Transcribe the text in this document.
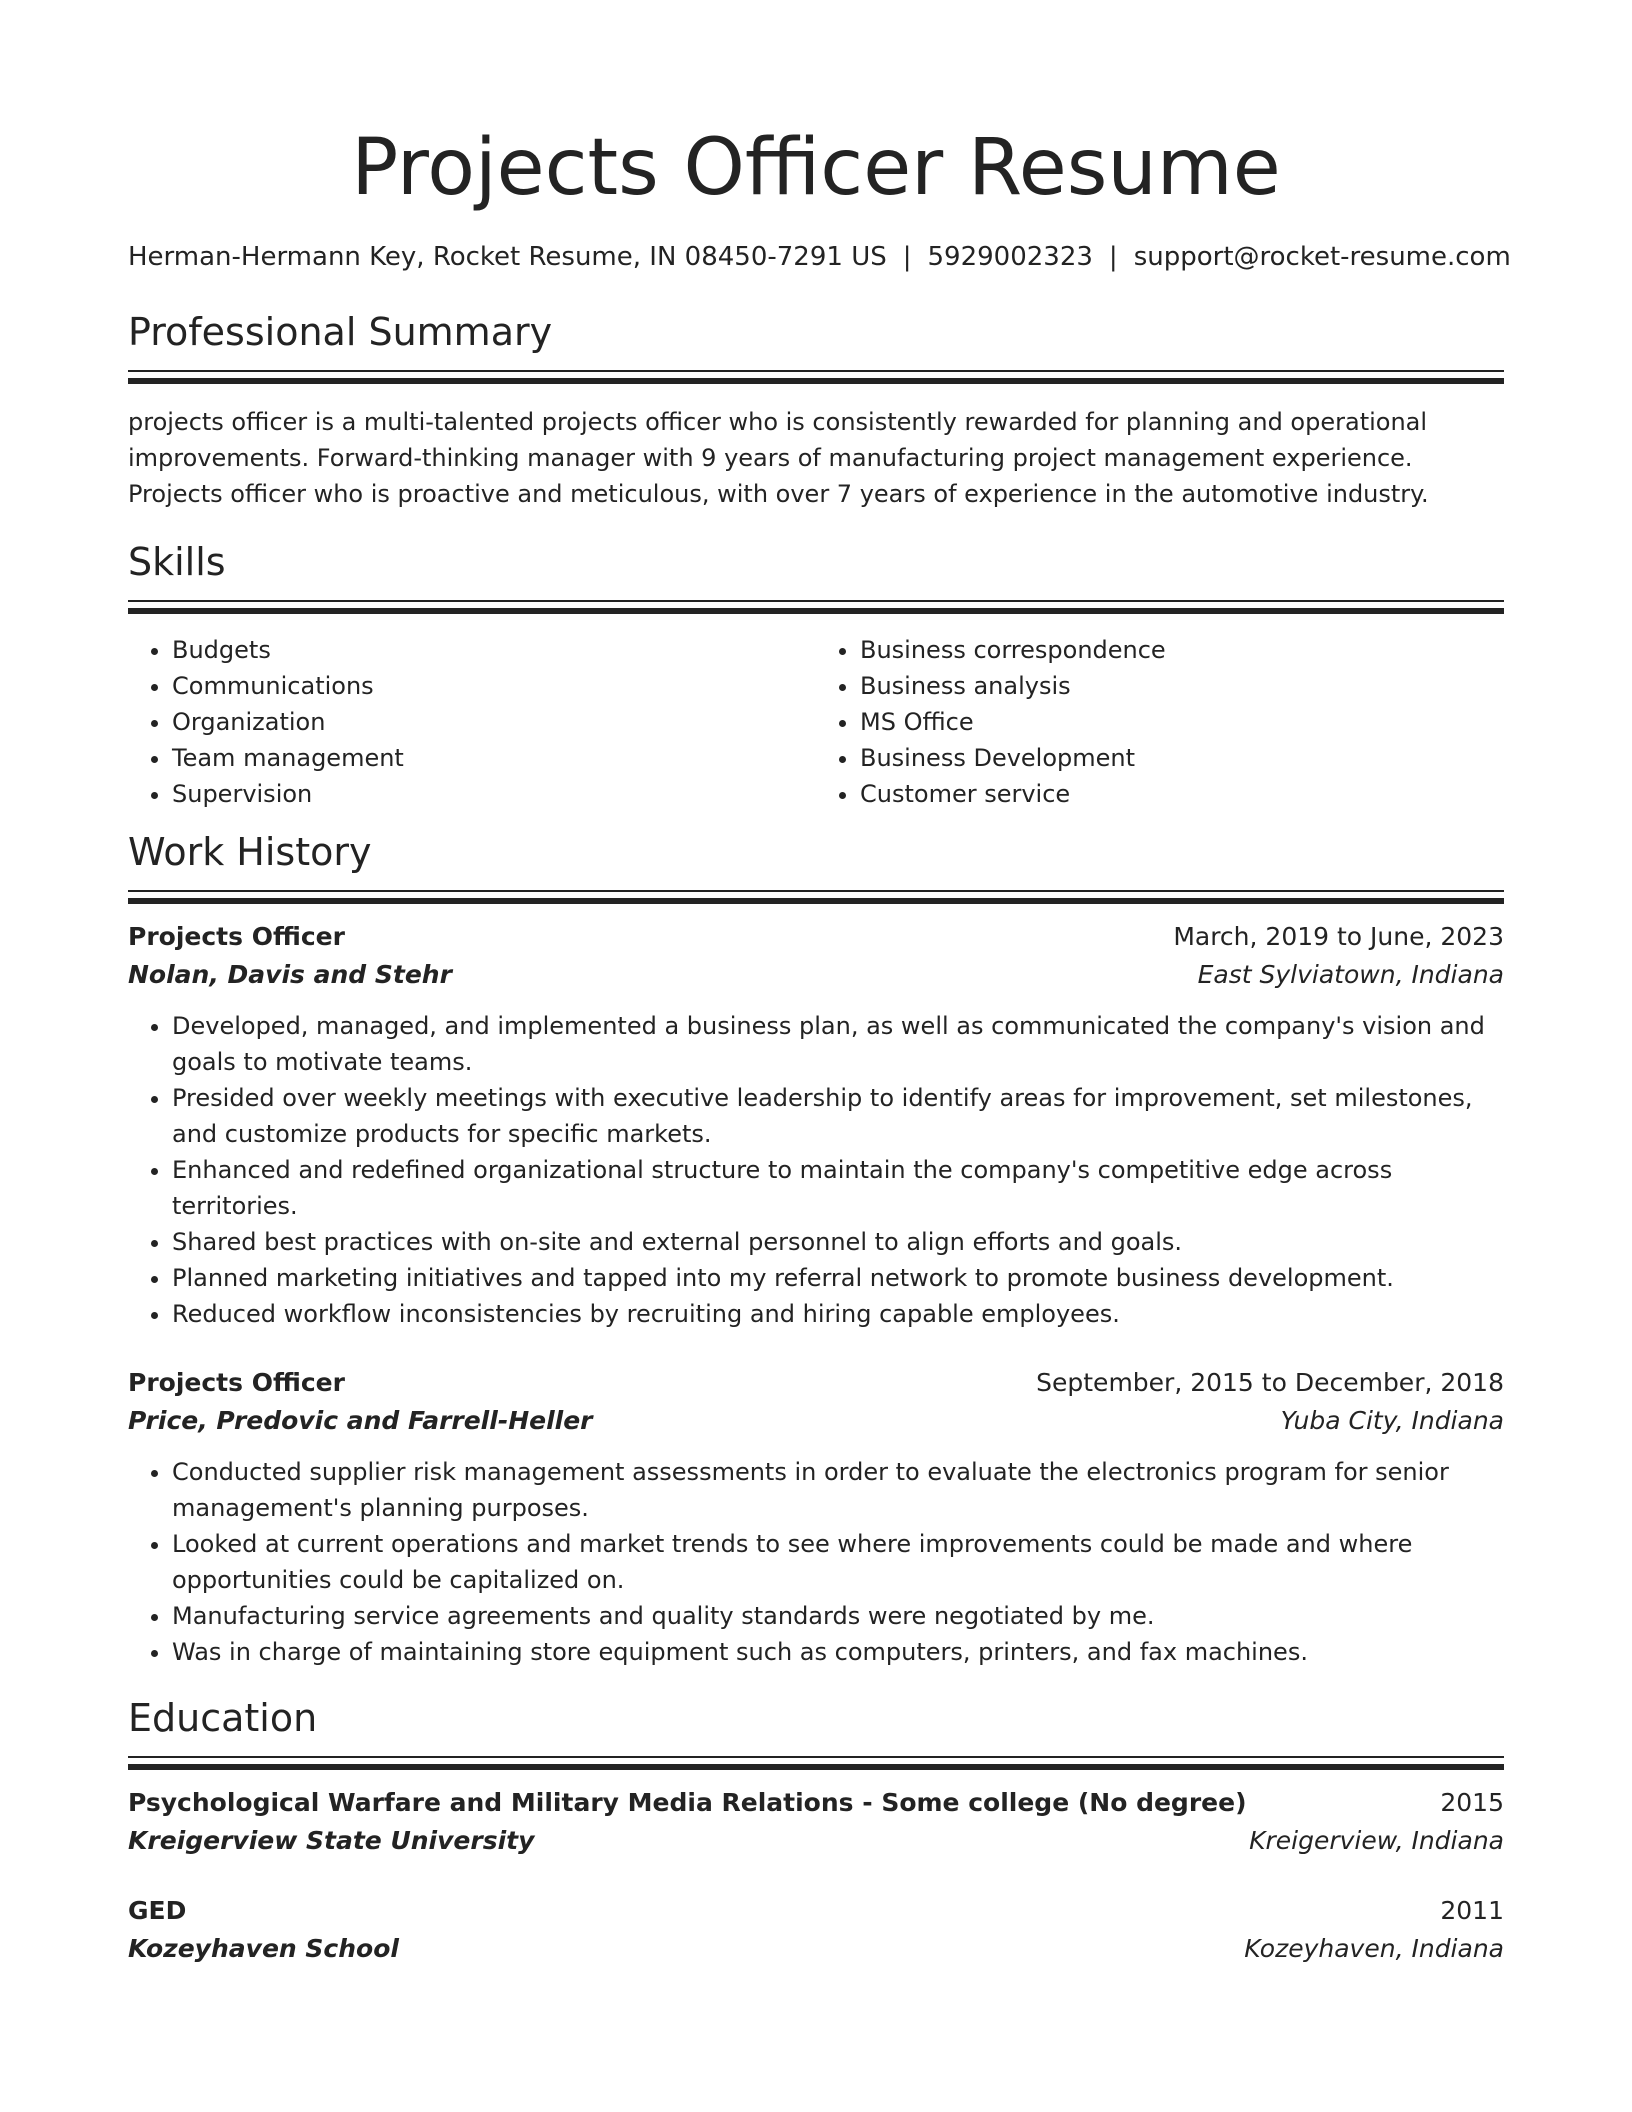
Projects Officer Resume
Herman-Hermann Key, Rocket Resume, IN 08450-7291 US | 5929002323 | support@rocket-resume.com
Professional Summary
projects officer is a multi-talented projects officer who is consistently rewarded for planning and operational improvements. Forward-thinking manager with 9 years of manufacturing project management experience. Projects officer who is proactive and meticulous, with over 7 years of experience in the automotive industry.
Skills
• Budgets
• Communications
• Organization
• Team management
• Supervision
• Business correspondence
• Business analysis
• MS Office
• Business Development
• Customer service
Work History
Projects Officer	March, 2019 to June, 2023
Nolan, Davis and Stehr	East Sylviatown, Indiana
• Developed, managed, and implemented a business plan, as well as communicated the company's vision and goals to motivate teams.
• Presided over weekly meetings with executive leadership to identify areas for improvement, set milestones, and customize products for specific markets.
• Enhanced and redefined organizational structure to maintain the company's competitive edge across territories.
• Shared best practices with on-site and external personnel to align efforts and goals.
• Planned marketing initiatives and tapped into my referral network to promote business development.
• Reduced workflow inconsistencies by recruiting and hiring capable employees.
Projects Officer	September, 2015 to December, 2018
Price, Predovic and Farrell-Heller	Yuba City, Indiana
• Conducted supplier risk management assessments in order to evaluate the electronics program for senior management's planning purposes.
• Looked at current operations and market trends to see where improvements could be made and where opportunities could be capitalized on.
• Manufacturing service agreements and quality standards were negotiated by me.
• Was in charge of maintaining store equipment such as computers, printers, and fax machines.
Education
Psychological Warfare and Military Media Relations - Some college (No degree)	2015
Kreigerview State University	Kreigerview, Indiana
GED	2011
Kozeyhaven School	Kozeyhaven, Indiana
